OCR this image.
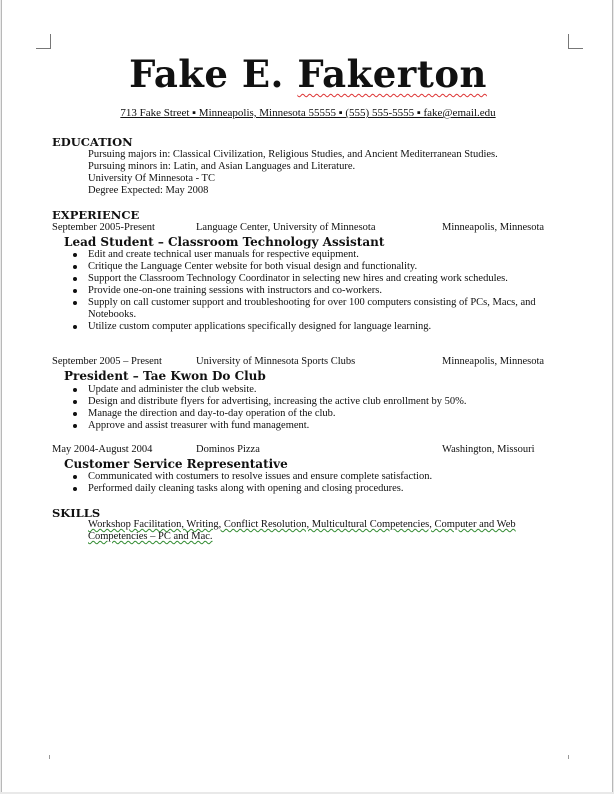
Fake E. Fakerton
713 Fake Street ▪ Minneapolis, Minnesota 55555 ▪ (555) 555-5555 ▪ fake@email.edu
EDUCATION
Pursuing majors in: Classical Civilization, Religious Studies, and Ancient Mediterranean Studies.
Pursuing minors in: Latin, and Asian Languages and Literature.
University Of Minnesota - TC
Degree Expected: May 2008
EXPERIENCE
September 2005-Present	Language Center, University of Minnesota	Minneapolis, Minnesota
Lead Student – Classroom Technology Assistant
Edit and create technical user manuals for respective equipment.
Critique the Language Center website for both visual design and functionality.
Support the Classroom Technology Coordinator in selecting new hires and creating work schedules.
Provide one-on-one training sessions with instructors and co-workers.
Supply on call customer support and troubleshooting for over 100 computers consisting of PCs, Macs, and Notebooks.
Utilize custom computer applications specifically designed for language learning.
September 2005 – Present	University of Minnesota Sports Clubs	Minneapolis, Minnesota
President – Tae Kwon Do Club
Update and administer the club website.
Design and distribute flyers for advertising, increasing the active club enrollment by 50%.
Manage the direction and day-to-day operation of the club.
Approve and assist treasurer with fund management.
May 2004-August 2004	Dominos Pizza	Washington, Missouri
Customer Service Representative
Communicated with costumers to resolve issues and ensure complete satisfaction.
Performed daily cleaning tasks along with opening and closing procedures.
SKILLS
Workshop Facilitation, Writing, Conflict Resolution, Multicultural Competencies, Computer and Web Competencies – PC and Mac.
